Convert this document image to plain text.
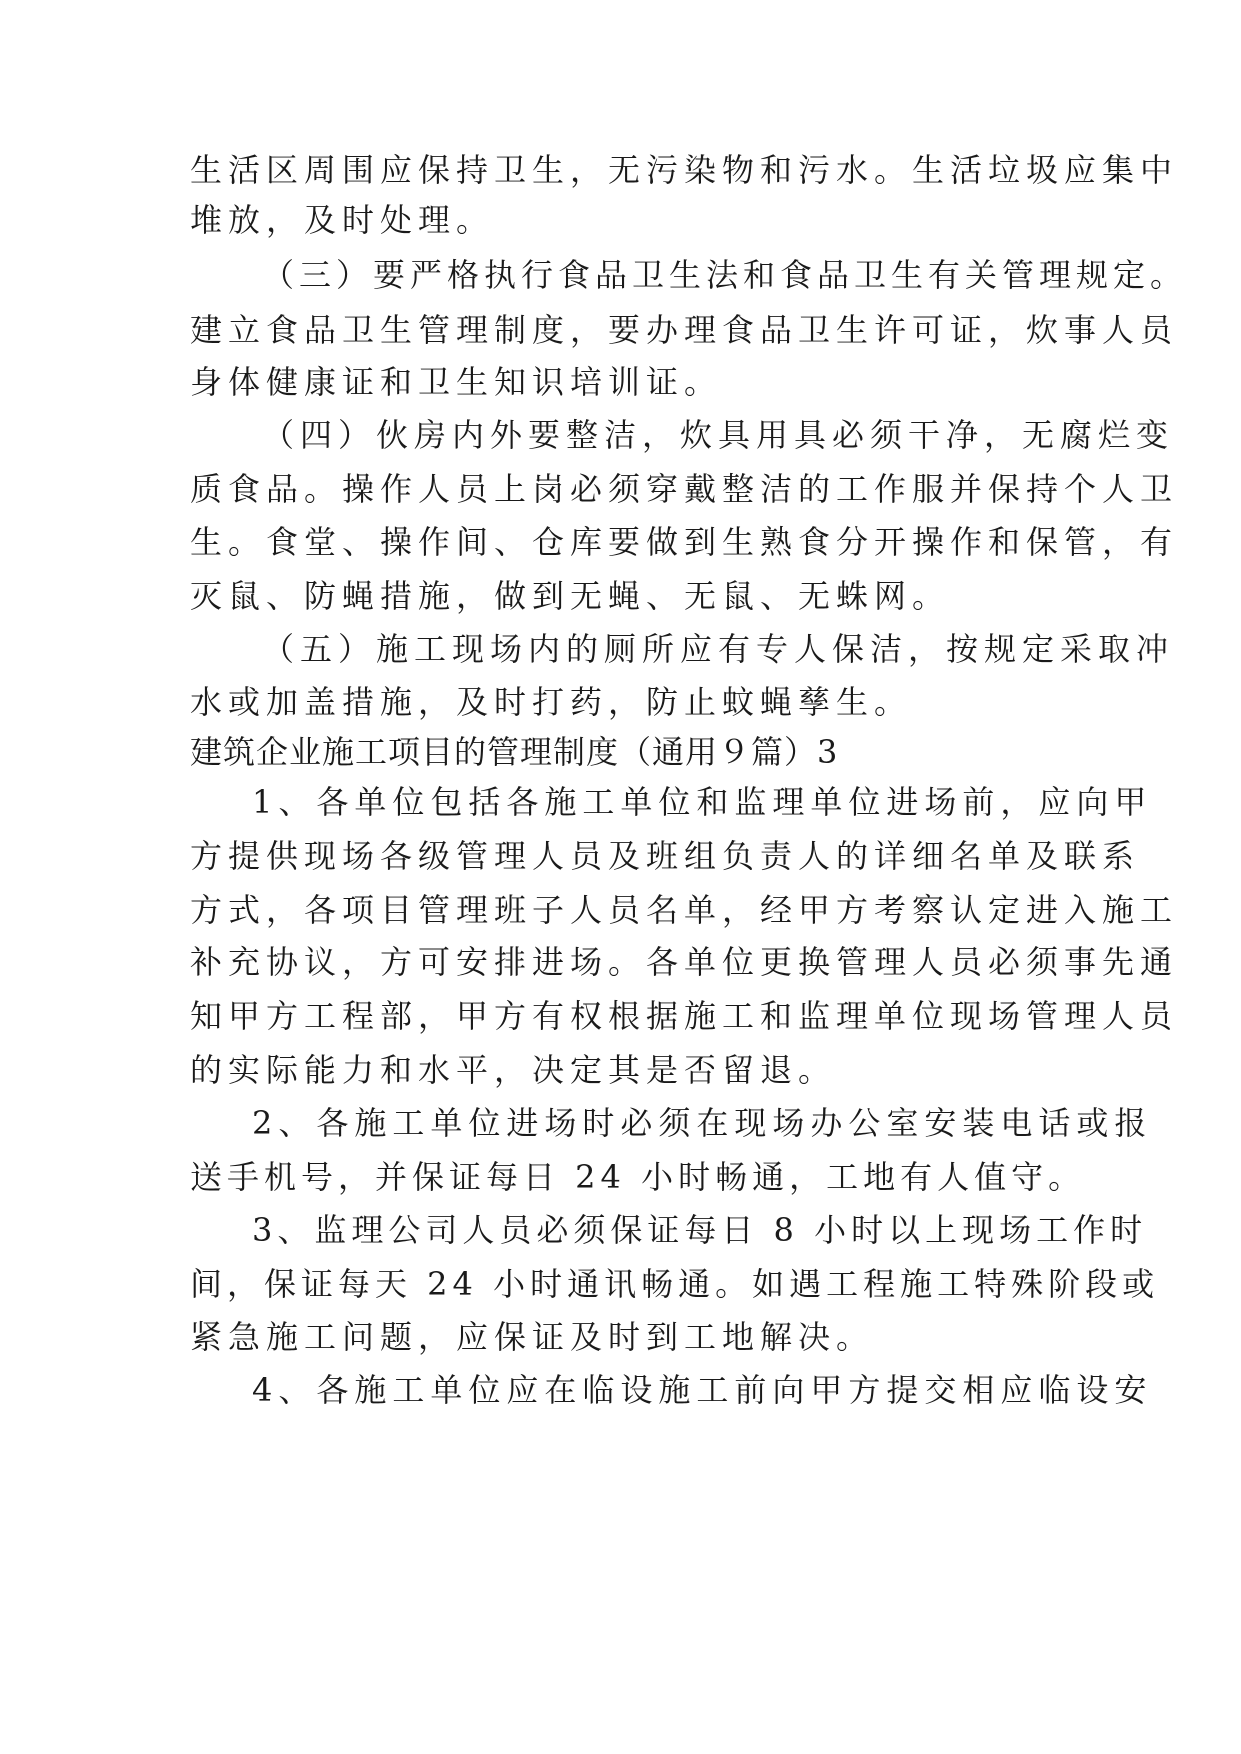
生活区周围应保持卫生，无污染物和污水。生活垃圾应集中
堆放，及时处理。
（三）要严格执行食品卫生法和食品卫生有关管理规定。
建立食品卫生管理制度，要办理食品卫生许可证，炊事人员
身体健康证和卫生知识培训证。
（四）伙房内外要整洁，炊具用具必须干净，无腐烂变
质食品。操作人员上岗必须穿戴整洁的工作服并保持个人卫
生。食堂、操作间、仓库要做到生熟食分开操作和保管，有
灭鼠、防蝇措施，做到无蝇、无鼠、无蛛网。
（五）施工现场内的厕所应有专人保洁，按规定采取冲
水或加盖措施，及时打药，防止蚊蝇孳生。
建筑企业施工项目的管理制度（通用９篇）3
1、各单位包括各施工单位和监理单位进场前，应向甲
方提供现场各级管理人员及班组负责人的详细名单及联系
方式，各项目管理班子人员名单，经甲方考察认定进入施工
补充协议，方可安排进场。各单位更换管理人员必须事先通
知甲方工程部，甲方有权根据施工和监理单位现场管理人员
的实际能力和水平，决定其是否留退。
2、各施工单位进场时必须在现场办公室安装电话或报
送手机号，并保证每日 24 小时畅通，工地有人值守。
3、监理公司人员必须保证每日 8 小时以上现场工作时
间，保证每天 24 小时通讯畅通。如遇工程施工特殊阶段或
紧急施工问题，应保证及时到工地解决。
4、各施工单位应在临设施工前向甲方提交相应临设安
